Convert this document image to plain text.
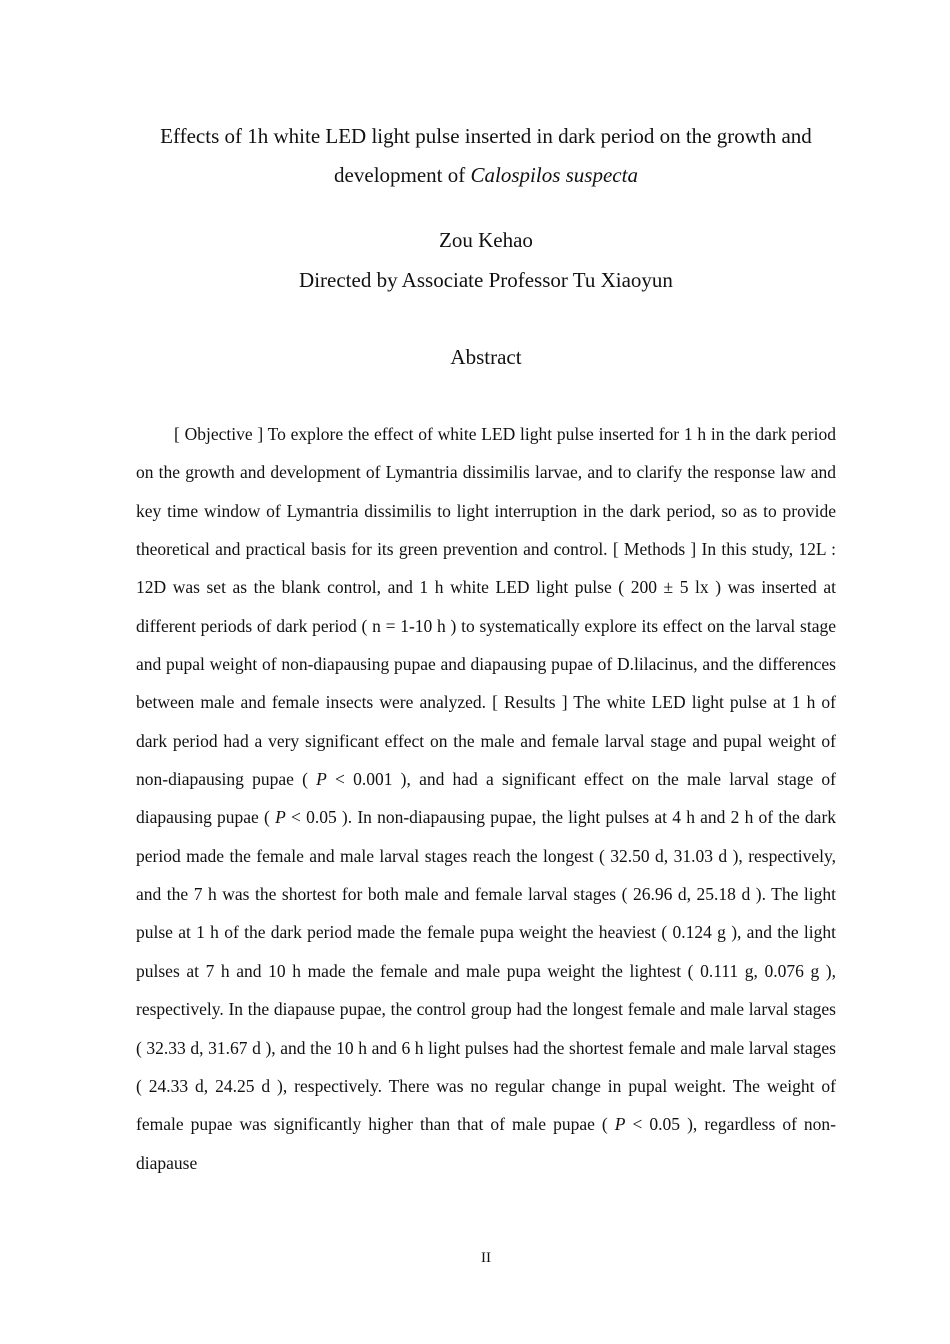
Effects of 1h white LED light pulse inserted in dark period on the growth and development of Calospilos suspecta
Zou Kehao
Directed by Associate Professor Tu Xiaoyun
Abstract

[ Objective ] To explore the effect of white LED light pulse inserted for 1 h in the dark period on the growth and development of Lymantria dissimilis larvae, and to clarify the response law and key time window of Lymantria dissimilis to light interruption in the dark period, so as to provide theoretical and practical basis for its green prevention and control. [ Methods ] In this study, 12L : 12D was set as the blank control, and 1 h white LED light pulse ( 200 ± 5 lx ) was inserted at different periods of dark period ( n = 1-10 h ) to systematically explore its effect on the larval stage and pupal weight of non-diapausing pupae and diapausing pupae of D.lilacinus, and the differences between male and female insects were analyzed. [ Results ] The white LED light pulse at 1 h of dark period had a very significant effect on the male and female larval stage and pupal weight of non-diapausing pupae ( P < 0.001 ), and had a significant effect on the male larval stage of diapausing pupae ( P < 0.05 ). In non-diapausing pupae, the light pulses at 4 h and 2 h of the dark period made the female and male larval stages reach the longest ( 32.50 d, 31.03 d ), respectively, and the 7 h was the shortest for both male and female larval stages ( 26.96 d, 25.18 d ). The light pulse at 1 h of the dark period made the female pupa weight the heaviest ( 0.124 g ), and the light pulses at 7 h and 10 h made the female and male pupa weight the lightest ( 0.111 g, 0.076 g ), respectively. In the diapause pupae, the control group had the longest female and male larval stages ( 32.33 d, 31.67 d ), and the 10 h and 6 h light pulses had the shortest female and male larval stages ( 24.33 d, 24.25 d ), respectively. There was no regular change in pupal weight. The weight of female pupae was significantly higher than that of male pupae ( P < 0.05 ), regardless of non-diapause

II
